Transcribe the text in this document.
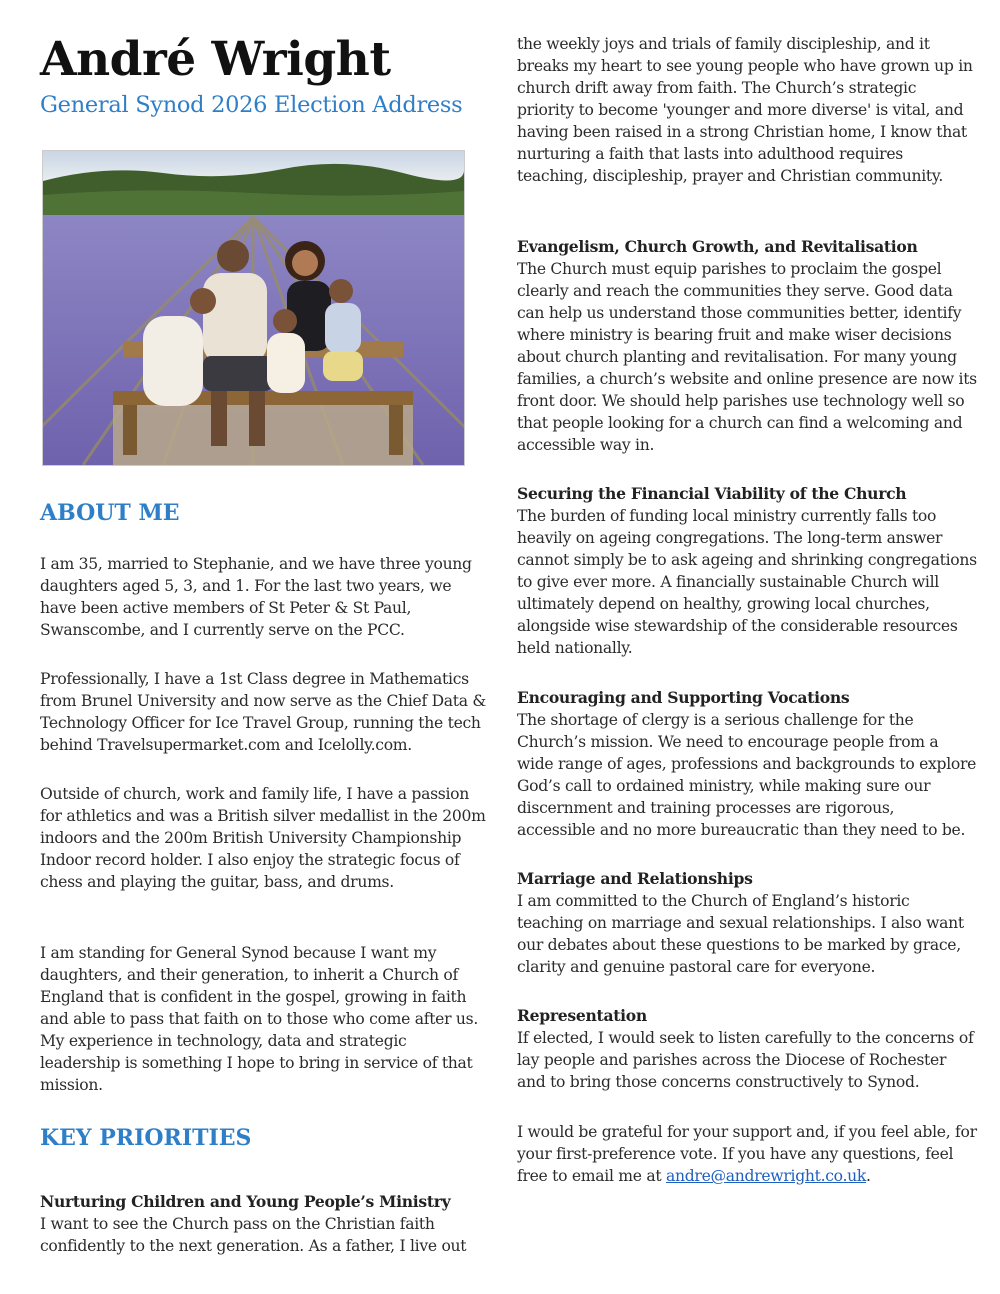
André Wright
General Synod 2026 Election Address
ABOUT ME

I am 35, married to Stephanie, and we have three young daughters aged 5, 3, and 1. For the last two years, we have been active members of St Peter & St Paul, Swanscombe, and I currently serve on the PCC.

Professionally, I have a 1st Class degree in Mathematics from Brunel University and now serve as the Chief Data & Technology Officer for Ice Travel Group, running the tech behind Travelsupermarket.com and Icelolly.com.

Outside of church, work and family life, I have a passion for athletics and was a British silver medallist in the 200m indoors and the 200m British University Championship Indoor record holder. I also enjoy the strategic focus of chess and playing the guitar, bass, and drums.

I am standing for General Synod because I want my daughters, and their generation, to inherit a Church of England that is confident in the gospel, growing in faith and able to pass that faith on to those who come after us. My experience in technology, data and strategic leadership is something I hope to bring in service of that mission.

KEY PRIORITIES

Nurturing Children and Young People’s Ministry

I want to see the Church pass on the Christian faith confidently to the next generation. As a father, I live out

the weekly joys and trials of family discipleship, and it breaks my heart to see young people who have grown up in church drift away from faith. The Church’s strategic priority to become 'younger and more diverse' is vital, and having been raised in a strong Christian home, I know that nurturing a faith that lasts into adulthood requires teaching, discipleship, prayer and Christian community.

Evangelism, Church Growth, and Revitalisation

The Church must equip parishes to proclaim the gospel clearly and reach the communities they serve. Good data can help us understand those communities better, identify where ministry is bearing fruit and make wiser decisions about church planting and revitalisation. For many young families, a church’s website and online presence are now its front door. We should help parishes use technology well so that people looking for a church can find a welcoming and accessible way in.

Securing the Financial Viability of the Church

The burden of funding local ministry currently falls too heavily on ageing congregations. The long-term answer cannot simply be to ask ageing and shrinking congregations to give ever more. A financially sustainable Church will ultimately depend on healthy, growing local churches, alongside wise stewardship of the considerable resources held nationally.

Encouraging and Supporting Vocations

The shortage of clergy is a serious challenge for the Church’s mission. We need to encourage people from a wide range of ages, professions and backgrounds to explore God’s call to ordained ministry, while making sure our discernment and training processes are rigorous, accessible and no more bureaucratic than they need to be.

Marriage and Relationships

I am committed to the Church of England’s historic teaching on marriage and sexual relationships. I also want our debates about these questions to be marked by grace, clarity and genuine pastoral care for everyone.

Representation

If elected, I would seek to listen carefully to the concerns of lay people and parishes across the Diocese of Rochester and to bring those concerns constructively to Synod.

I would be grateful for your support and, if you feel able, for your first-preference vote. If you have any questions, feel free to email me at andre@andrewright.co.uk.
